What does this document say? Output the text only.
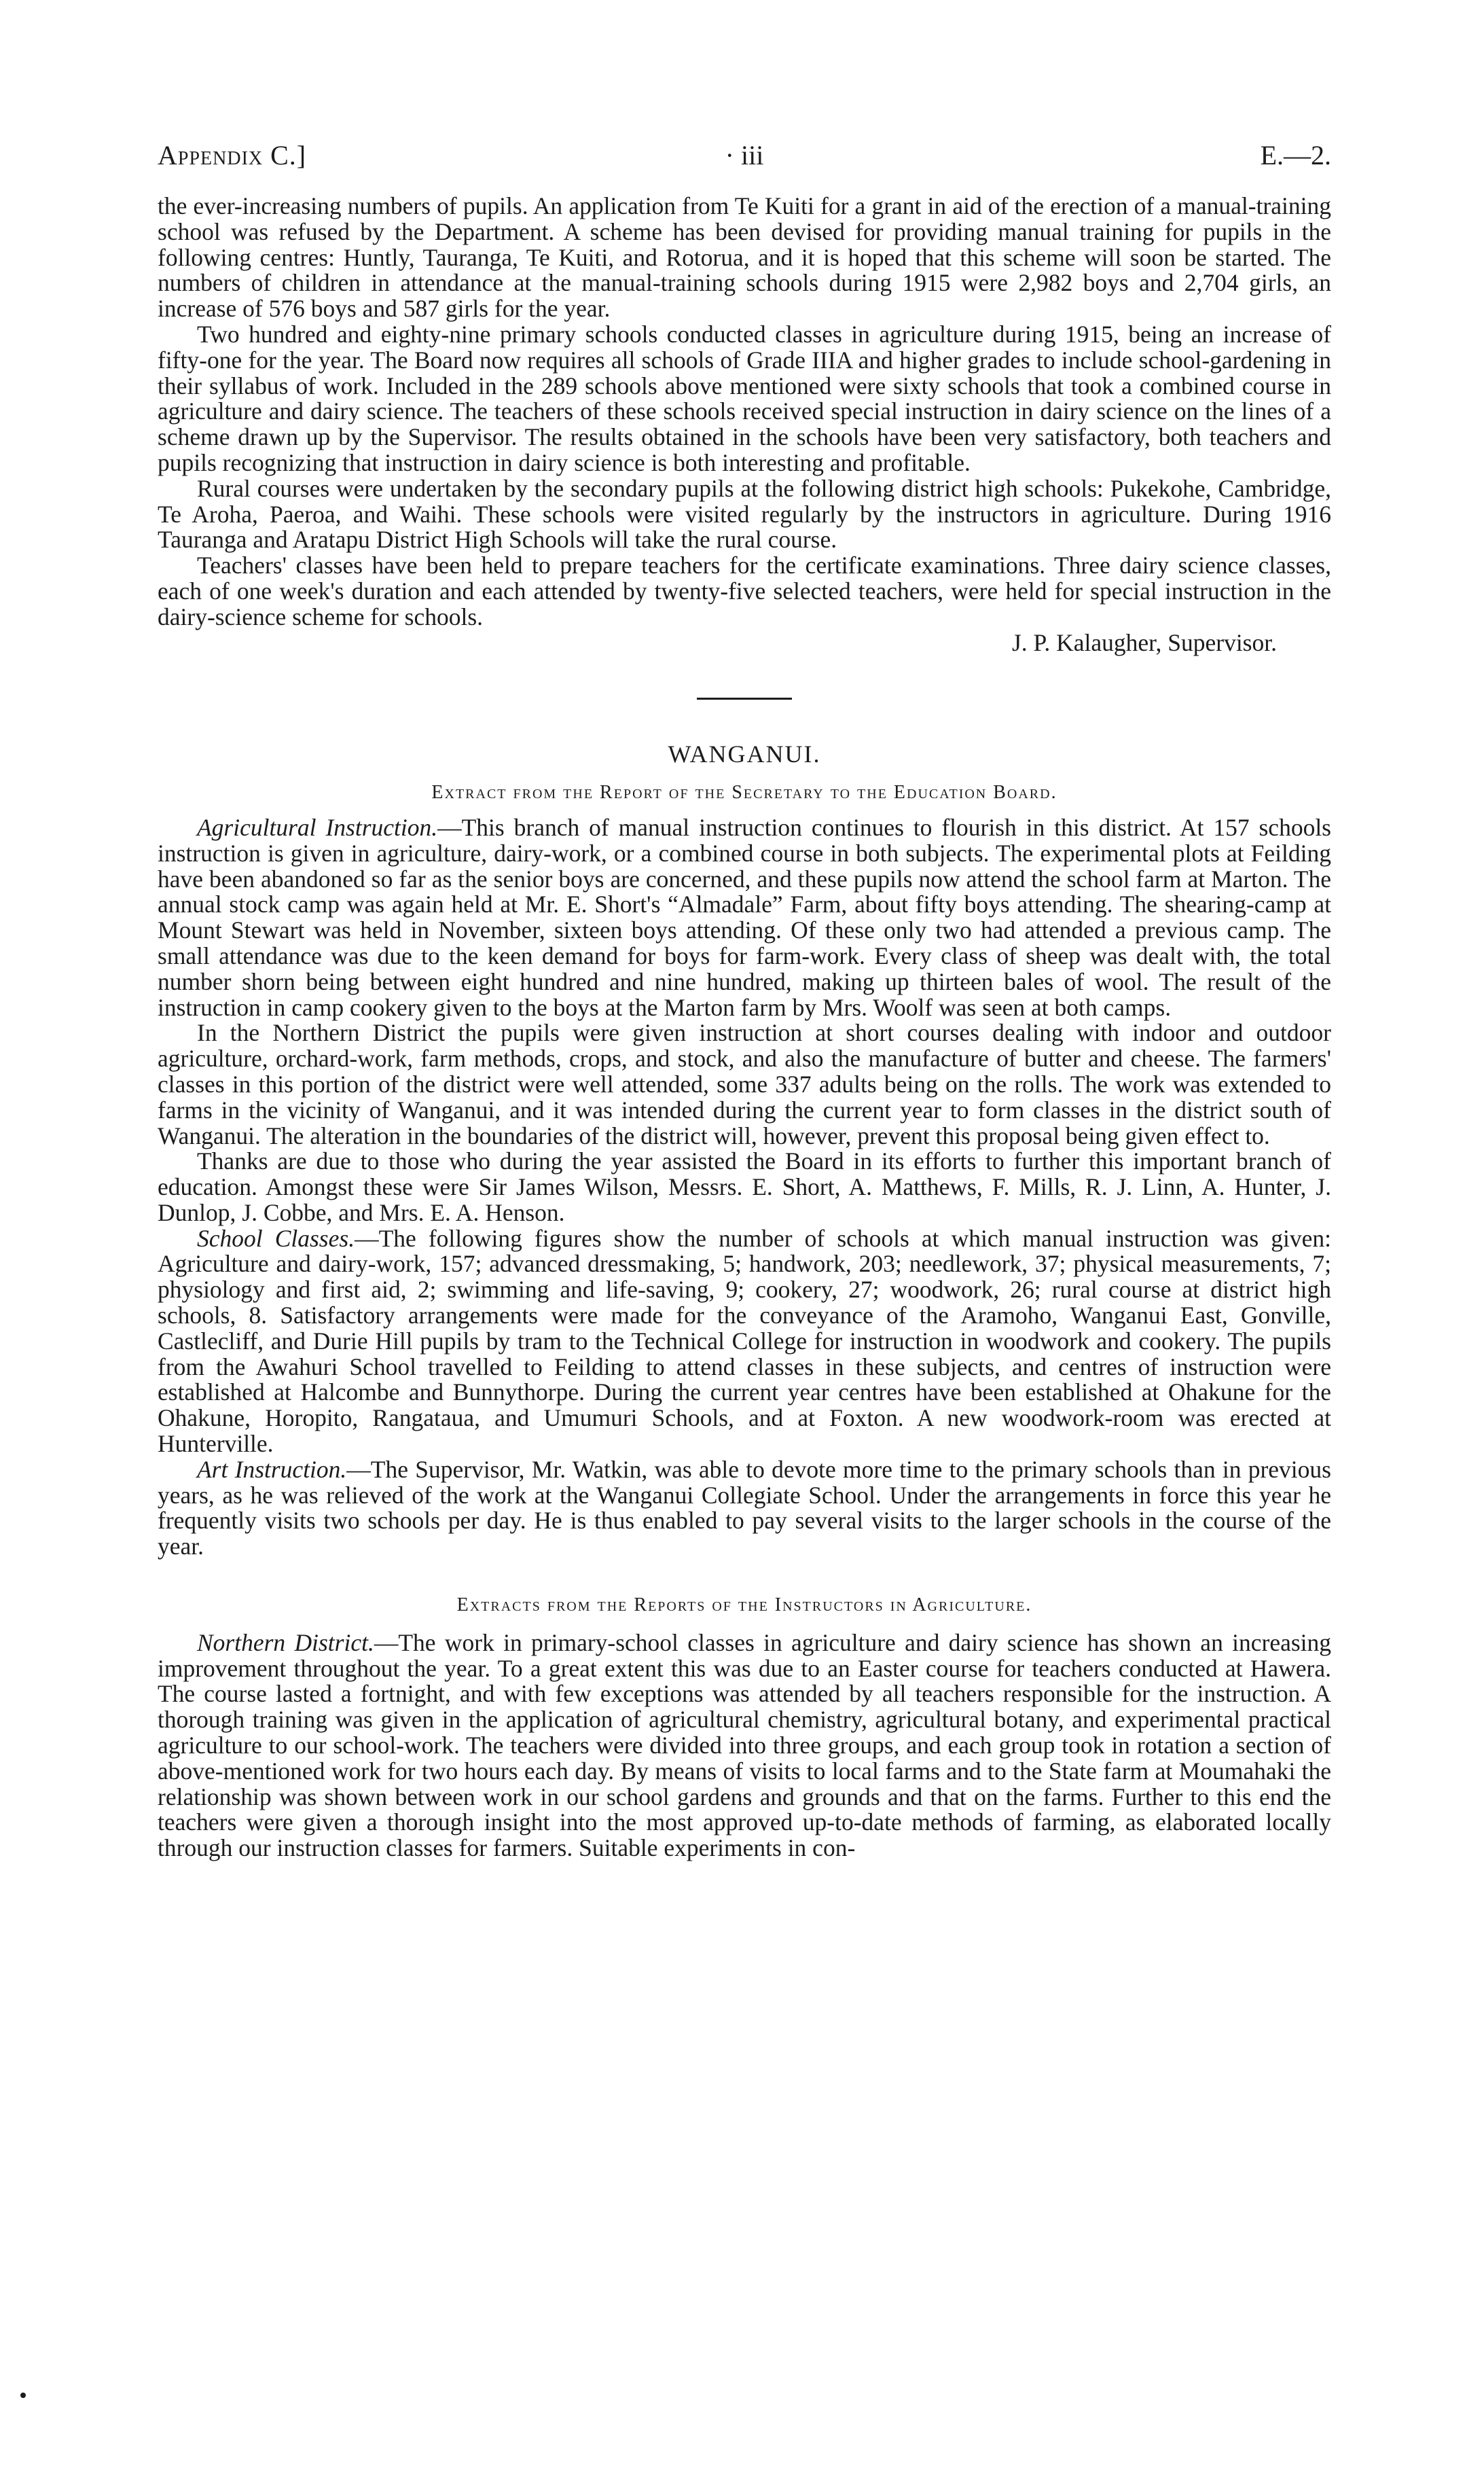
Appendix C.]	· iii	E.—2.

the ever-increasing numbers of pupils. An application from Te Kuiti for a grant in aid of the erection of a manual-training school was refused by the Department. A scheme has been devised for providing manual training for pupils in the following centres: Huntly, Tauranga, Te Kuiti, and Rotorua, and it is hoped that this scheme will soon be started. The numbers of children in attendance at the manual-training schools during 1915 were 2,982 boys and 2,704 girls, an increase of 576 boys and 587 girls for the year.

Two hundred and eighty-nine primary schools conducted classes in agriculture during 1915, being an increase of fifty-one for the year. The Board now requires all schools of Grade IIIA and higher grades to include school-gardening in their syllabus of work. Included in the 289 schools above mentioned were sixty schools that took a combined course in agriculture and dairy science. The teachers of these schools received special instruction in dairy science on the lines of a scheme drawn up by the Supervisor. The results obtained in the schools have been very satisfactory, both teachers and pupils recognizing that instruction in dairy science is both interesting and profitable.

Rural courses were undertaken by the secondary pupils at the following district high schools: Pukekohe, Cambridge, Te Aroha, Paeroa, and Waihi. These schools were visited regularly by the instructors in agriculture. During 1916 Tauranga and Aratapu District High Schools will take the rural course.

Teachers' classes have been held to prepare teachers for the certificate examinations. Three dairy science classes, each of one week's duration and each attended by twenty-five selected teachers, were held for special instruction in the dairy-science scheme for schools.

J. P. Kalaugher, Supervisor.
WANGANUI.
Extract from the Report of the Secretary to the Education Board.

Agricultural Instruction.—This branch of manual instruction continues to flourish in this district. At 157 schools instruction is given in agriculture, dairy-work, or a combined course in both subjects. The experimental plots at Feilding have been abandoned so far as the senior boys are concerned, and these pupils now attend the school farm at Marton. The annual stock camp was again held at Mr. E. Short's “Almadale” Farm, about fifty boys attending. The shearing-camp at Mount Stewart was held in November, sixteen boys attending. Of these only two had attended a previous camp. The small attendance was due to the keen demand for boys for farm-work. Every class of sheep was dealt with, the total number shorn being between eight hundred and nine hundred, making up thirteen bales of wool. The result of the instruction in camp cookery given to the boys at the Marton farm by Mrs. Woolf was seen at both camps.

In the Northern District the pupils were given instruction at short courses dealing with indoor and outdoor agriculture, orchard-work, farm methods, crops, and stock, and also the manufacture of butter and cheese. The farmers' classes in this portion of the district were well attended, some 337 adults being on the rolls. The work was extended to farms in the vicinity of Wanganui, and it was intended during the current year to form classes in the district south of Wanganui. The alteration in the boundaries of the district will, however, prevent this proposal being given effect to.

Thanks are due to those who during the year assisted the Board in its efforts to further this important branch of education. Amongst these were Sir James Wilson, Messrs. E. Short, A. Matthews, F. Mills, R. J. Linn, A. Hunter, J. Dunlop, J. Cobbe, and Mrs. E. A. Henson.

School Classes.—The following figures show the number of schools at which manual instruction was given: Agriculture and dairy-work, 157; advanced dressmaking, 5; handwork, 203; needlework, 37; physical measurements, 7; physiology and first aid, 2; swimming and life-saving, 9; cookery, 27; woodwork, 26; rural course at district high schools, 8. Satisfactory arrangements were made for the conveyance of the Aramoho, Wanganui East, Gonville, Castlecliff, and Durie Hill pupils by tram to the Technical College for instruction in woodwork and cookery. The pupils from the Awahuri School travelled to Feilding to attend classes in these subjects, and centres of instruction were established at Halcombe and Bunnythorpe. During the current year centres have been established at Ohakune for the Ohakune, Horopito, Rangataua, and Umumuri Schools, and at Foxton. A new woodwork-room was erected at Hunterville.

Art Instruction.—The Supervisor, Mr. Watkin, was able to devote more time to the primary schools than in previous years, as he was relieved of the work at the Wanganui Collegiate School. Under the arrangements in force this year he frequently visits two schools per day. He is thus enabled to pay several visits to the larger schools in the course of the year.

Extracts from the Reports of the Instructors in Agriculture.

Northern District.—The work in primary-school classes in agriculture and dairy science has shown an increasing improvement throughout the year. To a great extent this was due to an Easter course for teachers conducted at Hawera. The course lasted a fortnight, and with few exceptions was attended by all teachers responsible for the instruction. A thorough training was given in the application of agricultural chemistry, agricultural botany, and experimental practical agriculture to our school-work. The teachers were divided into three groups, and each group took in rotation a section of above-mentioned work for two hours each day. By means of visits to local farms and to the State farm at Moumahaki the relationship was shown between work in our school gardens and grounds and that on the farms. Further to this end the teachers were given a thorough insight into the most approved up-to-date methods of farming, as elaborated locally through our instruction classes for farmers. Suitable experiments in con-
